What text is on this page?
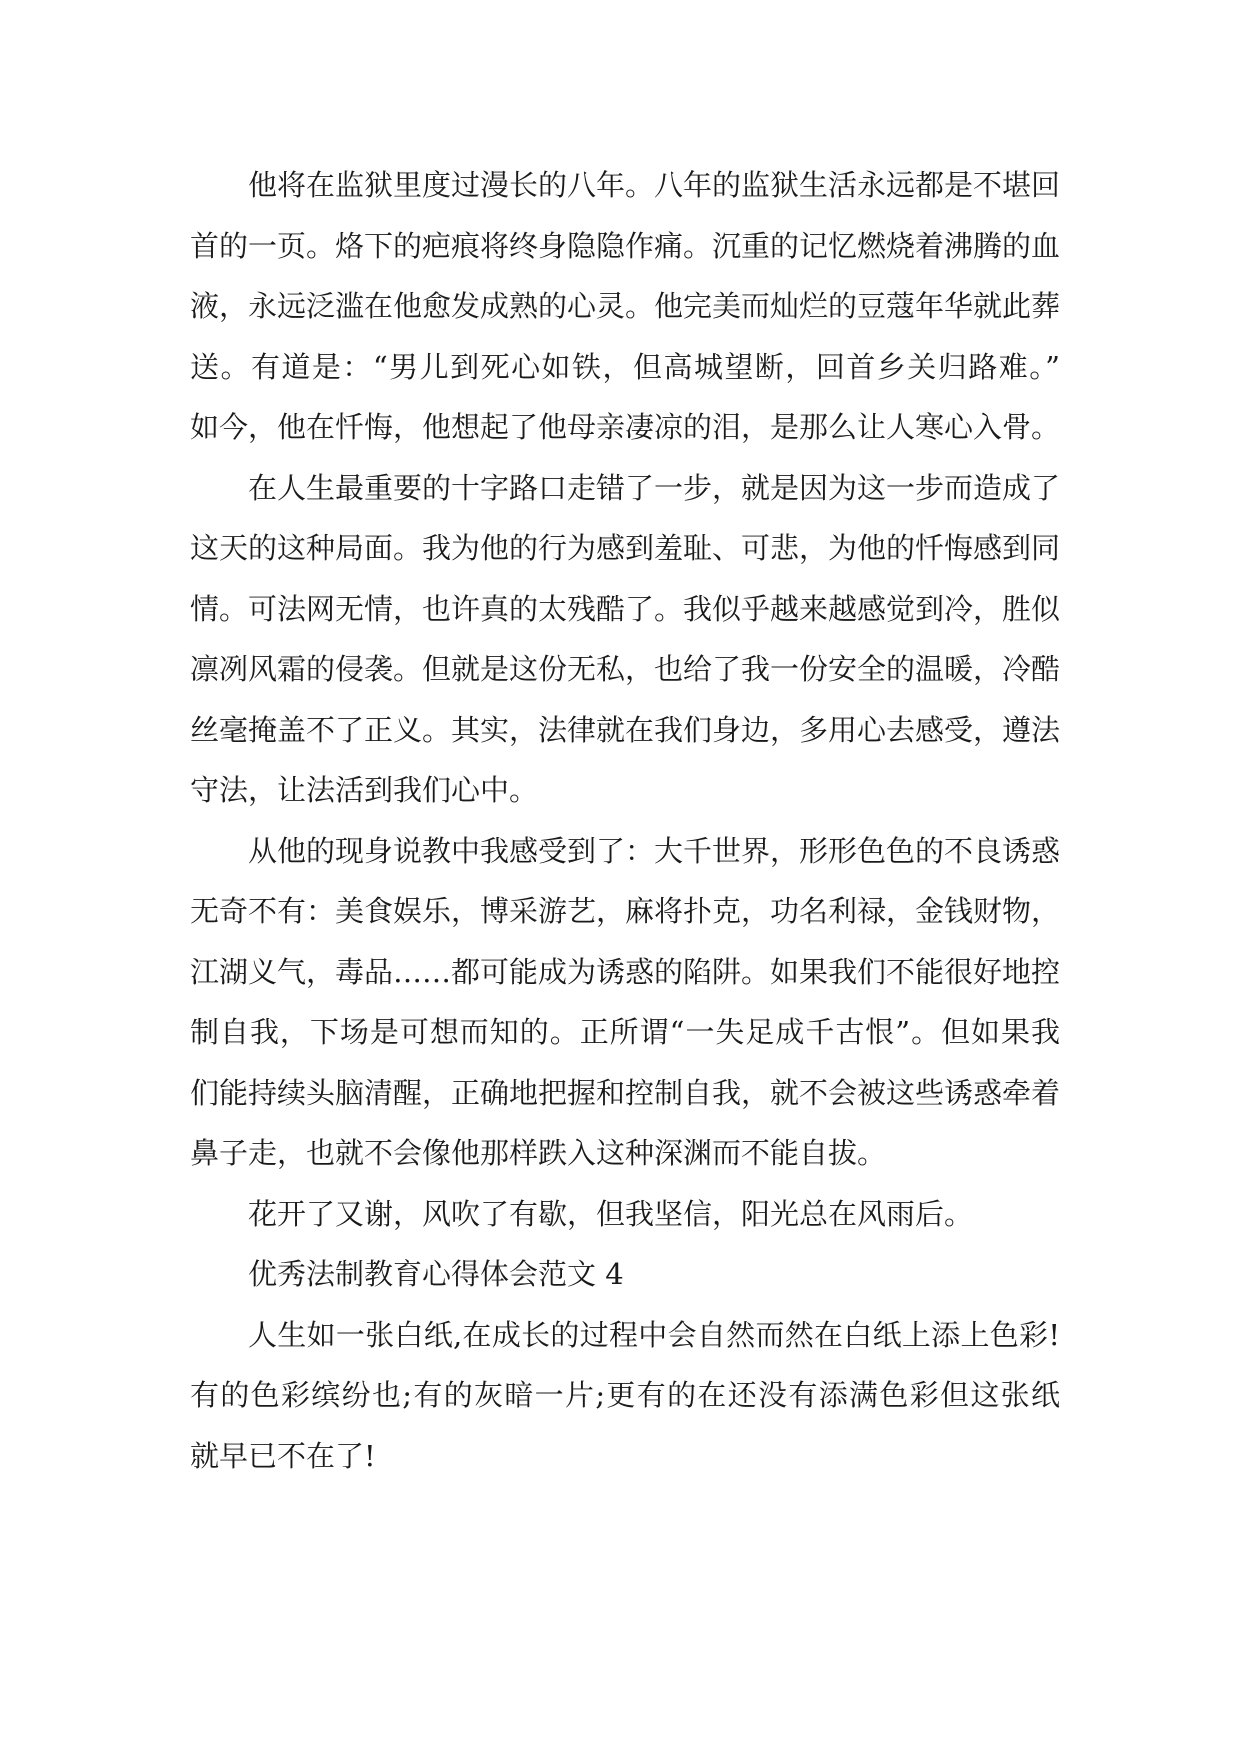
他将在监狱里度过漫长的八年。八年的监狱生活永远都是不堪回
首的一页。烙下的疤痕将终身隐隐作痛。沉重的记忆燃烧着沸腾的血
液，永远泛滥在他愈发成熟的心灵。他完美而灿烂的豆蔻年华就此葬
送。有道是：“男儿到死心如铁，但高城望断，回首乡关归路难。”
如今，他在忏悔，他想起了他母亲凄凉的泪，是那么让人寒心入骨。
在人生最重要的十字路口走错了一步，就是因为这一步而造成了
这天的这种局面。我为他的行为感到羞耻、可悲，为他的忏悔感到同
情。可法网无情，也许真的太残酷了。我似乎越来越感觉到冷，胜似
凛冽风霜的侵袭。但就是这份无私，也给了我一份安全的温暖，冷酷
丝毫掩盖不了正义。其实，法律就在我们身边，多用心去感受，遵法
守法，让法活到我们心中。
从他的现身说教中我感受到了：大千世界，形形色色的不良诱惑
无奇不有：美食娱乐，博采游艺，麻将扑克，功名利禄，金钱财物，
江湖义气，毒品……都可能成为诱惑的陷阱。如果我们不能很好地控
制自我，下场是可想而知的。正所谓“一失足成千古恨”。但如果我
们能持续头脑清醒，正确地把握和控制自我，就不会被这些诱惑牵着
鼻子走，也就不会像他那样跌入这种深渊而不能自拔。
花开了又谢，风吹了有歇，但我坚信，阳光总在风雨后。
优秀法制教育心得体会范文 4
人生如一张白纸,在成长的过程中会自然而然在白纸上添上色彩!
有的色彩缤纷也;有的灰暗一片;更有的在还没有添满色彩但这张纸
就早已不在了!
